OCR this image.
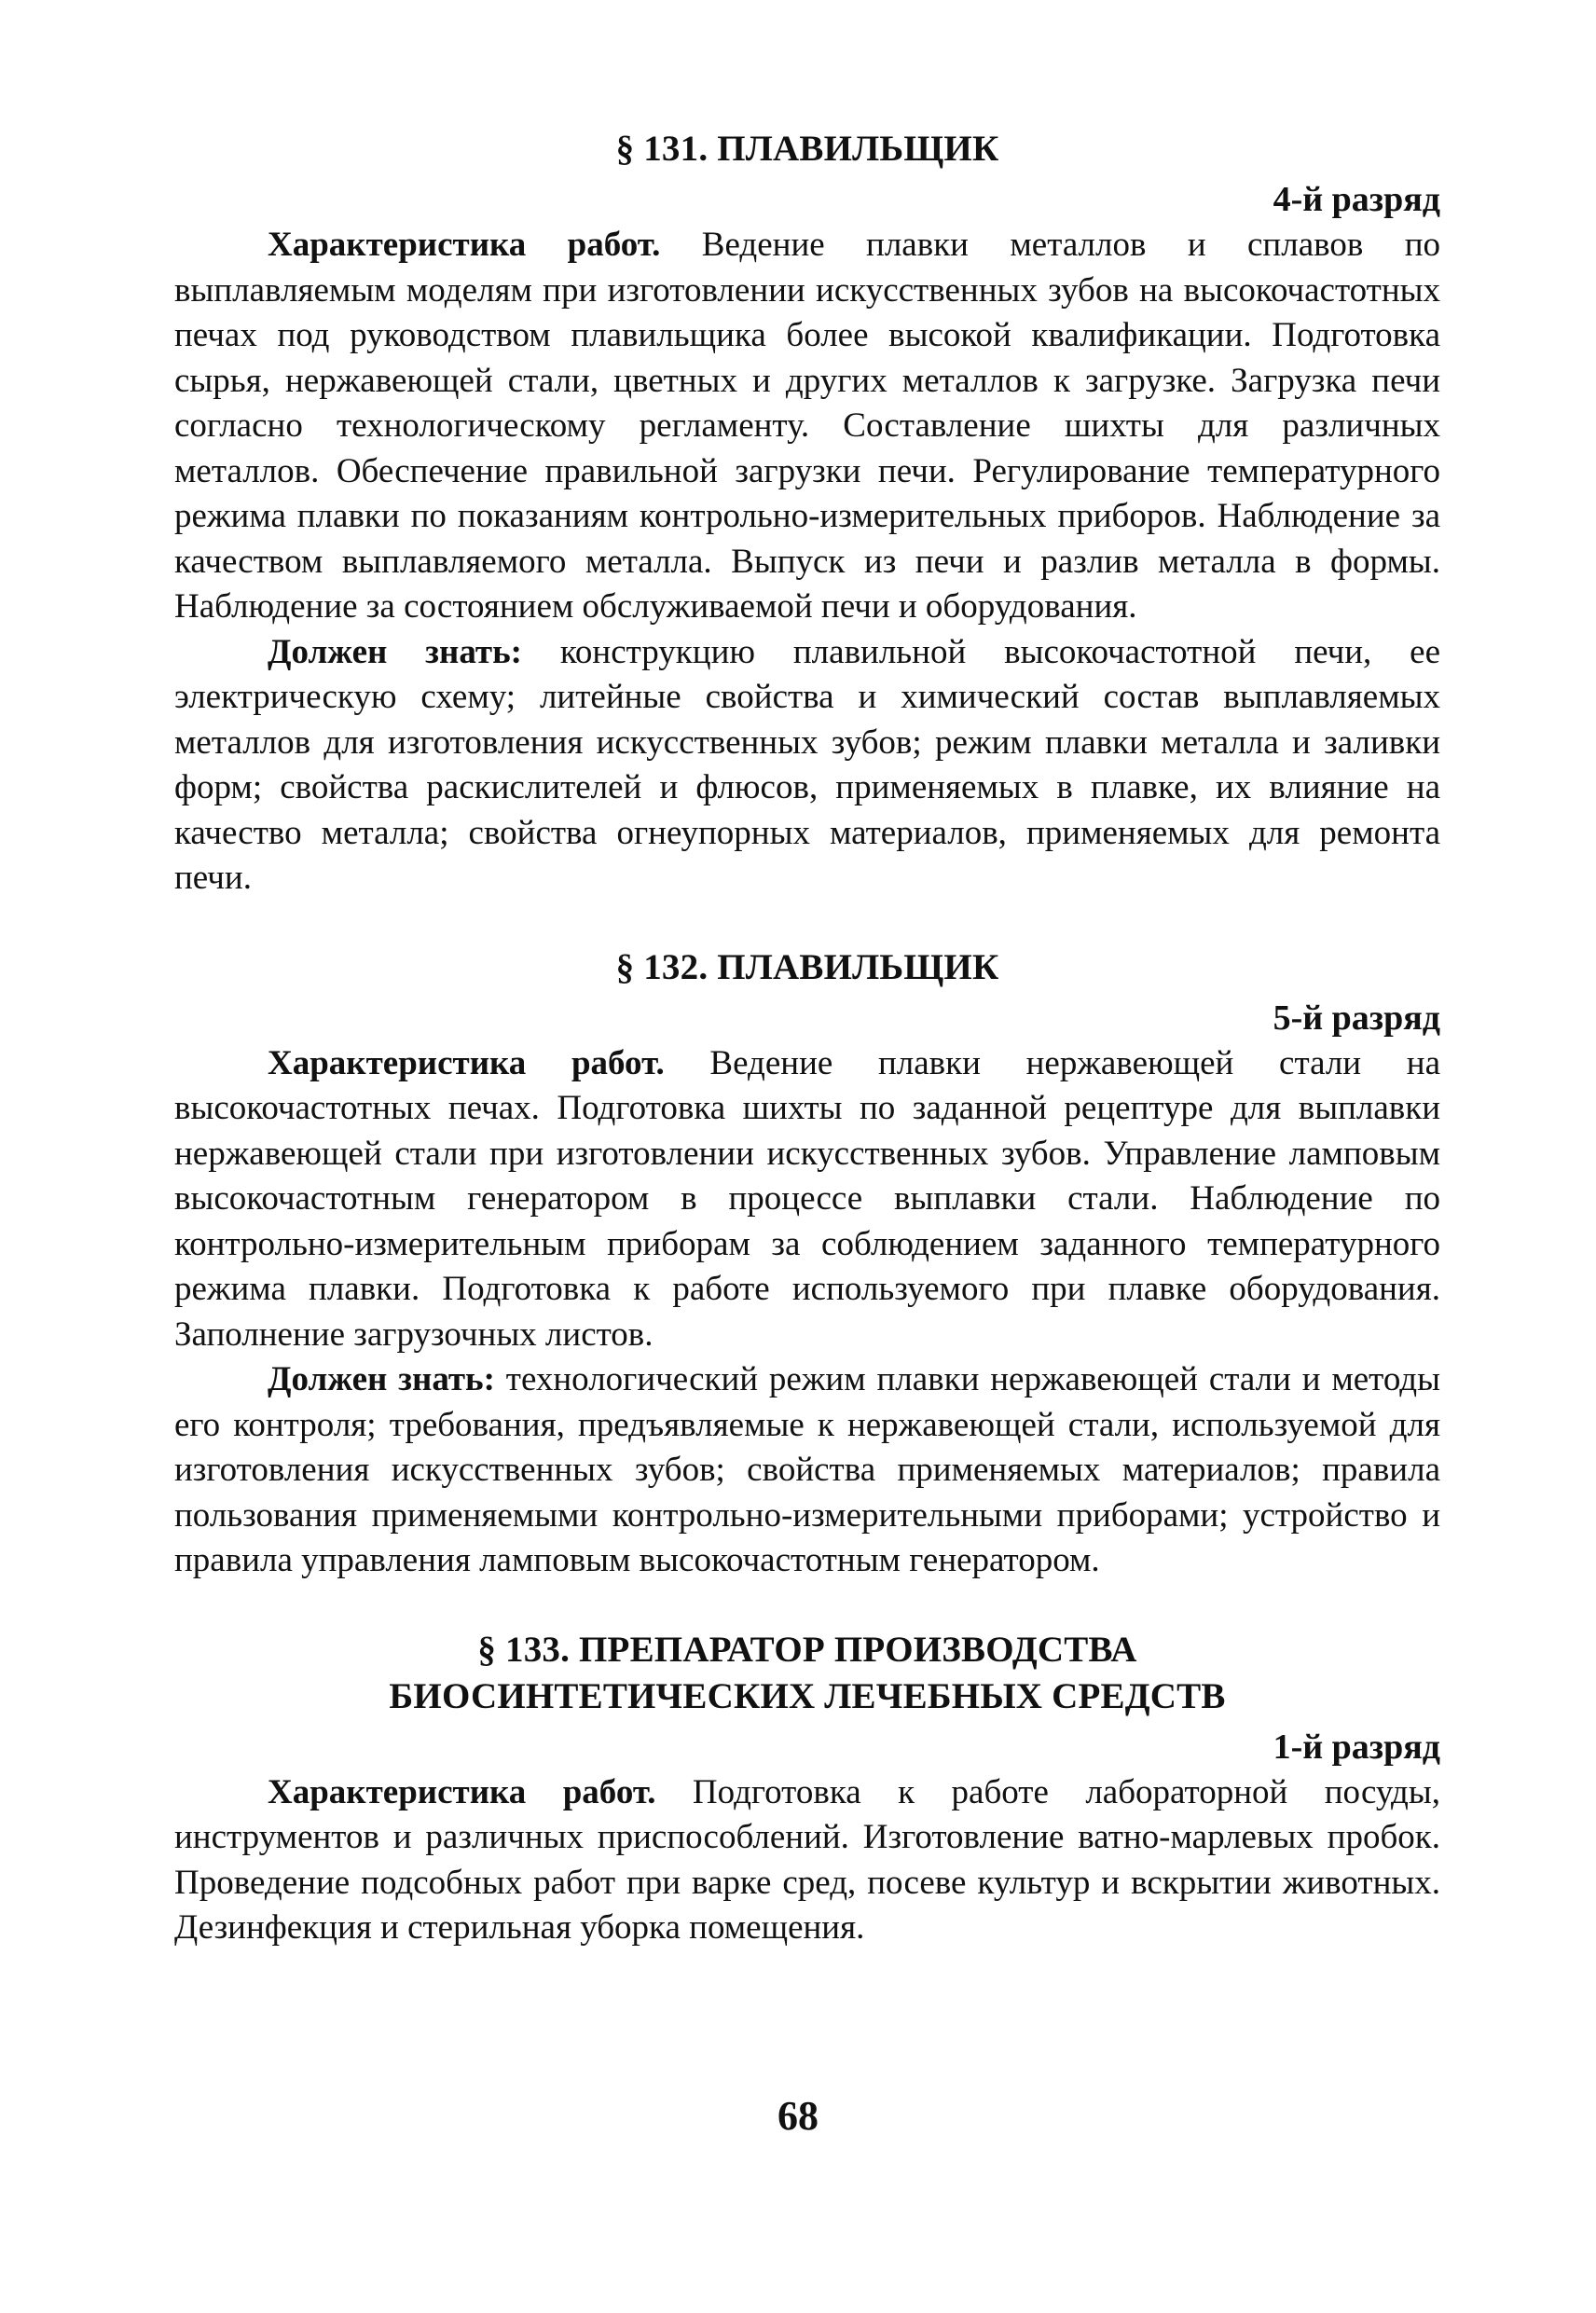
§ 131. ПЛАВИЛЬЩИК
4-й разряд

Характеристика работ. Ведение плавки металлов и сплавов по выплавляемым моделям при изготовлении искусственных зубов на высокочастотных печах под руководством плавильщика более высокой квалификации. Подготовка сырья, нержавеющей стали, цветных и других металлов к загрузке. Загрузка печи согласно технологическому регламенту. Составление шихты для различных металлов. Обеспечение правильной загрузки печи. Регулирование температурного режима плавки по показаниям контрольно-измерительных приборов. Наблюдение за качеством выплавляемого металла. Выпуск из печи и разлив металла в формы. Наблюдение за состоянием обслуживаемой печи и оборудования.

Должен знать: конструкцию плавильной высокочастотной печи, ее электрическую схему; литейные свойства и химический состав выплавляемых металлов для изготовления искусственных зубов; режим плавки металла и заливки форм; свойства раскислителей и флюсов, применяемых в плавке, их влияние на качество металла; свойства огнеупорных материалов, применяемых для ремонта печи.

§ 132. ПЛАВИЛЬЩИК
5-й разряд

Характеристика работ. Ведение плавки нержавеющей стали на высокочастотных печах. Подготовка шихты по заданной рецептуре для выплавки нержавеющей стали при изготовлении искусственных зубов. Управление ламповым высокочастотным генератором в процессе выплавки стали. Наблюдение по контрольно-измерительным приборам за соблюдением заданного температурного режима плавки. Подготовка к работе используемого при плавке оборудования. Заполнение загрузочных листов.

Должен знать: технологический режим плавки нержавеющей стали и методы его контроля; требования, предъявляемые к нержавеющей стали, используемой для изготовления искусственных зубов; свойства применяемых материалов; правила пользования применяемыми контрольно-измерительными приборами; устройство и правила управления ламповым высокочастотным генератором.

§ 133. ПРЕПАРАТОР ПРОИЗВОДСТВА
БИОСИНТЕТИЧЕСКИХ ЛЕЧЕБНЫХ СРЕДСТВ
1-й разряд

Характеристика работ. Подготовка к работе лабораторной посуды, инструментов и различных приспособлений. Изготовление ватно-марлевых пробок. Проведение подсобных работ при варке сред, посеве культур и вскрытии животных. Дезинфекция и стерильная уборка помещения.

68
